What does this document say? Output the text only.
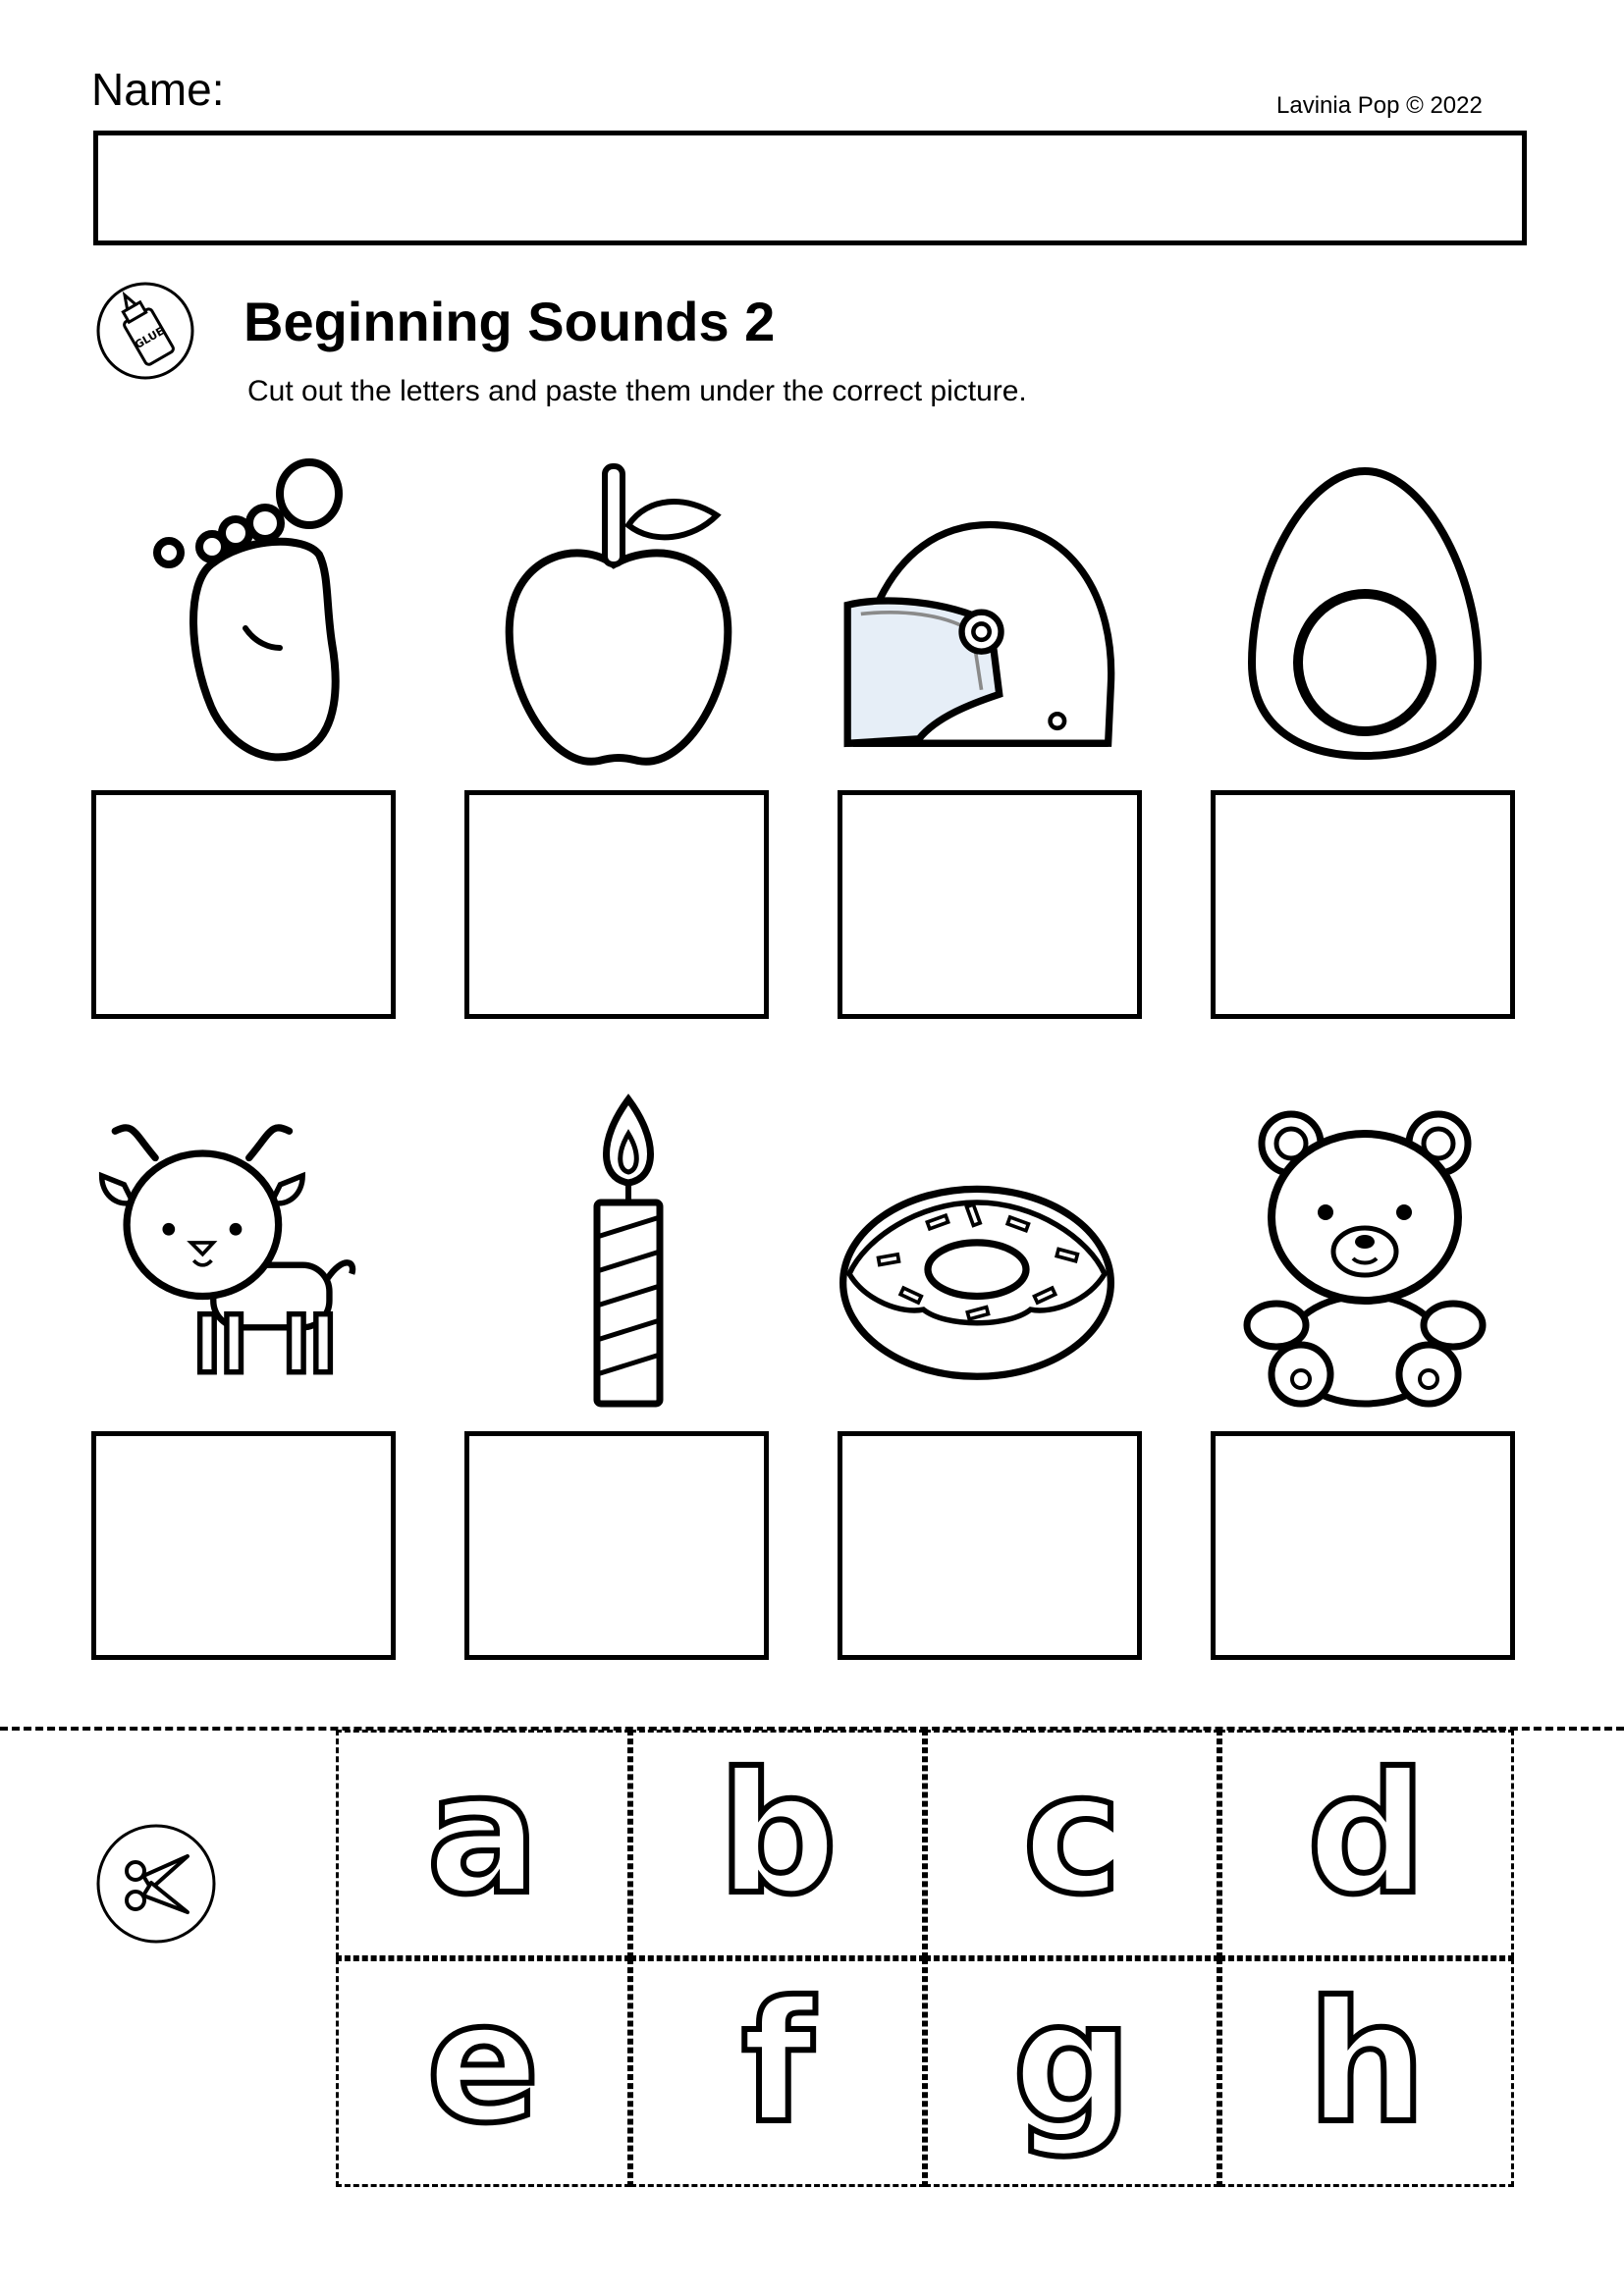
Name:	Lavinia Pop © 2022
GLUE Beginning Sounds 2
Cut out the letters and paste them under the correct picture.
a b c d
e f g h
